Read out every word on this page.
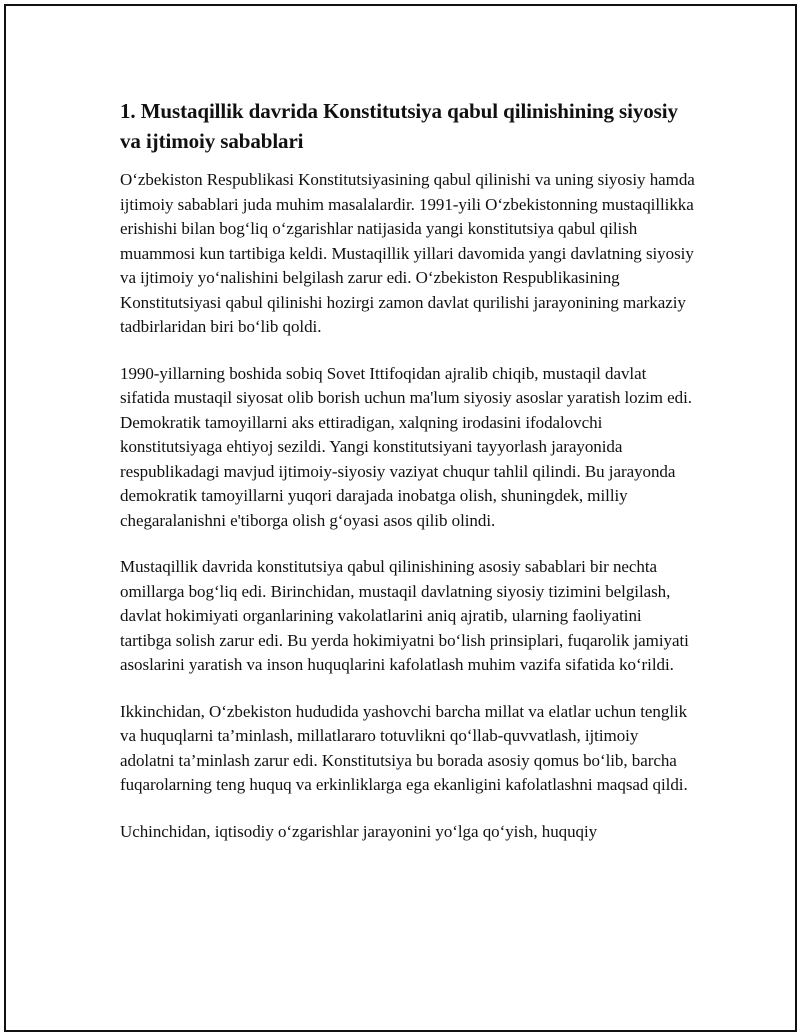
1. Mustaqillik davrida Konstitutsiya qabul qilinishining siyosiy va ijtimoiy sabablari

O‘zbekiston Respublikasi Konstitutsiyasining qabul qilinishi va uning siyosiy hamda ijtimoiy sabablari juda muhim masalalardir. 1991-yili O‘zbekistonning mustaqillikka erishishi bilan bog‘liq o‘zgarishlar natijasida yangi konstitutsiya qabul qilish muammosi kun tartibiga keldi. Mustaqillik yillari davomida yangi davlatning siyosiy va ijtimoiy yo‘nalishini belgilash zarur edi. O‘zbekiston Respublikasining Konstitutsiyasi qabul qilinishi hozirgi zamon davlat qurilishi jarayonining markaziy tadbirlaridan biri bo‘lib qoldi.

1990-yillarning boshida sobiq Sovet Ittifoqidan ajralib chiqib, mustaqil davlat sifatida mustaqil siyosat olib borish uchun ma'lum siyosiy asoslar yaratish lozim edi. Demokratik tamoyillarni aks ettiradigan, xalqning irodasini ifodalovchi konstitutsiyaga ehtiyoj sezildi. Yangi konstitutsiyani tayyorlash jarayonida respublikadagi mavjud ijtimoiy-siyosiy vaziyat chuqur tahlil qilindi. Bu jarayonda demokratik tamoyillarni yuqori darajada inobatga olish, shuningdek, milliy chegaralanishni e'tiborga olish g‘oyasi asos qilib olindi.

Mustaqillik davrida konstitutsiya qabul qilinishining asosiy sabablari bir nechta omillarga bog‘liq edi. Birinchidan, mustaqil davlatning siyosiy tizimini belgilash, davlat hokimiyati organlarining vakolatlarini aniq ajratib, ularning faoliyatini tartibga solish zarur edi. Bu yerda hokimiyatni bo‘lish prinsiplari, fuqarolik jamiyati asoslarini yaratish va inson huquqlarini kafolatlash muhim vazifa sifatida ko‘rildi.

Ikkinchidan, O‘zbekiston hududida yashovchi barcha millat va elatlar uchun tenglik va huquqlarni ta’minlash, millatlararo totuvlikni qo‘llab-quvvatlash, ijtimoiy adolatni ta’minlash zarur edi. Konstitutsiya bu borada asosiy qomus bo‘lib, barcha fuqarolarning teng huquq va erkinliklarga ega ekanligini kafolatlashni maqsad qildi.

Uchinchidan, iqtisodiy o‘zgarishlar jarayonini yo‘lga qo‘yish, huquqiy
